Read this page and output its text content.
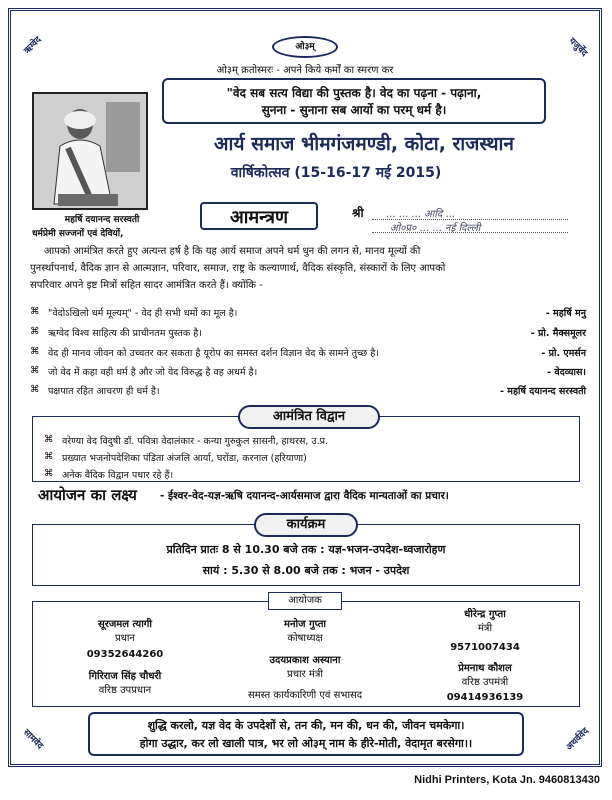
ऋग्वेद	यजुर्वेद
सामवेद	अथर्ववेद
ओ३म्
ओ३म् क्रतोस्मरः - अपने किये कर्मों का स्मरण कर
"वेद सब सत्य विद्या की पुस्तक है। वेद का पढ़ना - पढ़ाना,
सुनना - सुनाना सब आर्यो का परम् धर्म है।
आर्य समाज भीमगंजमण्डी, कोटा, राजस्थान
वार्षिकोत्सव (15-16-17 मई 2015)
आमन्त्रण	श्री ... ... ... आदि ...
ओ०प्र० ... ... नई दिल्ली
महर्षि दयानन्द सरस्वती
धर्मप्रेमी सज्जनों एवं देवियों,
आपको आमंत्रित करते हुए अत्यन्त हर्ष है कि यह आर्य समाज अपने धर्म धुन की लगन से, मानव मूल्यों की
पुनर्स्थापनार्थ, वैदिक ज्ञान से आत्मज्ञान, परिवार, समाज, राष्ट्र के कल्याणार्थ, वैदिक संस्कृति, संस्कारों के लिए आपको
सपरिवार अपने इष्ट मित्रों सहित सादर आमंत्रित करते हैं। क्योंकि -
⌘ "वेदोऽखिलो धर्म मूल्यम्" - वेद ही सभी धर्मो का मूल है।	- महर्षि मनु
⌘ ऋग्वेद विश्व साहित्य की प्राचीनतम पुस्तक है।	- प्रो. मैक्समूलर
⌘ वेद ही मानव जीवन को उच्चतर कर सकता है यूरोप का समस्त दर्शन विज्ञान वेद के सामने तुच्छ है।	- प्रो. एमर्सन
⌘ जो वेद में कहा वही धर्म है और जो वेद विरुद्ध है वह अधर्म है।	- वेदव्यास।
⌘ पक्षपात रहित आचरण ही धर्म है।	- महर्षि दयानन्द सरस्वती
आमंत्रित विद्वान
⌘ वरेण्या वेद विदुषी डॉ. पवित्रा वेदालंकार - कन्या गुरुकुल सासनी, हाथरस, उ.प्र.
⌘ प्रख्यात भजनोपदेशिका पंडिता अंजलि आर्या, घरोंडा, करनाल (हरियाणा)
⌘ अनेक वैदिक विद्वान पधार रहे हैं।
आयोजन का लक्ष्य - ईश्वर-वेद-यज्ञ-ऋषि दयानन्द-आर्यसमाज द्वारा वैदिक मान्यताओं का प्रचार।
कार्यक्रम
प्रतिदिन प्रातः 8 से 10.30 बजे तक : यज्ञ-भजन-उपदेश-ध्वजारोहण
सायं : 5.30 से 8.00 बजे तक : भजन - उपदेश
आयोजक
सूरजमल त्यागी
प्रधान
09352644260
मनोज गुप्ता
कोषाध्यक्ष
धीरेन्द्र गुप्ता
मंत्री
9571007434
गिरिराज सिंह चौधरी
वरिष्ठ उपप्रधान
उदयप्रकाश अस्याना
प्रचार मंत्री
प्रेमनाथ कौशल
वरिष्ठ उपमंत्री
09414936139
समस्त कार्यकारिणी एवं सभासद
शुद्धि करलो, यज्ञ वेद के उपदेशों से, तन की, मन की, धन की, जीवन चमकेगा।
होगा उद्धार, कर लो खाली पात्र, भर लो ओ३म् नाम के हीरे-मोती, वेदामृत बरसेगा।।
Nidhi Printers, Kota Jn. 9460813430
